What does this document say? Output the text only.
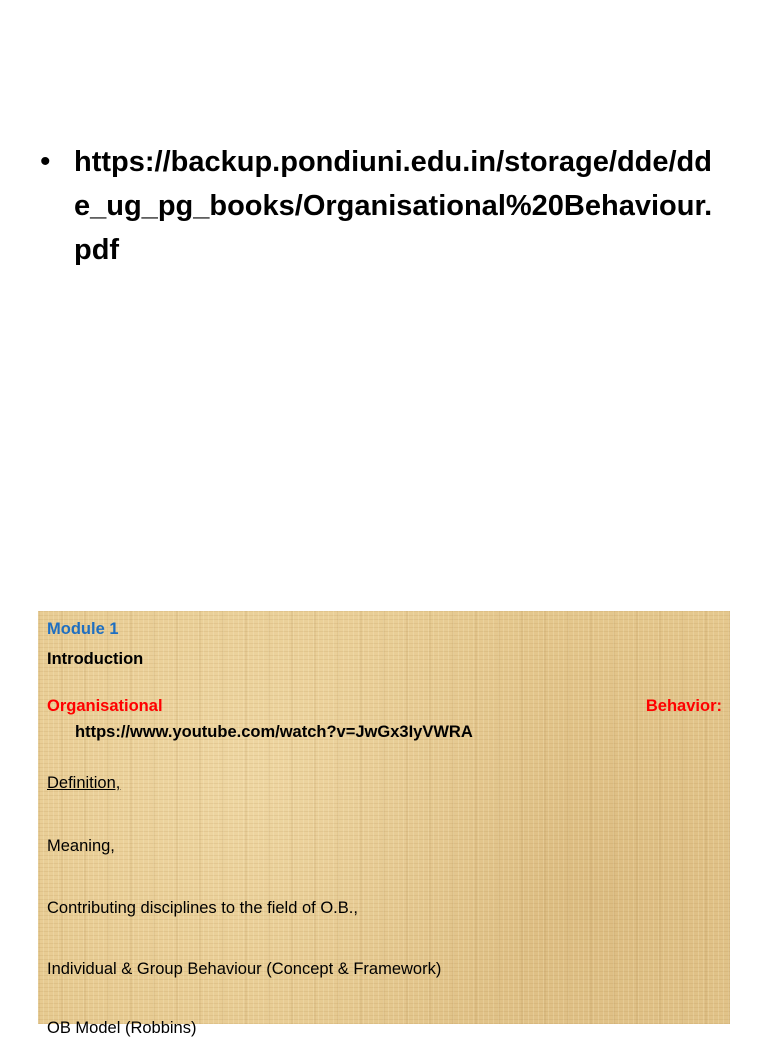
• https://backup.pondiuni.edu.in/storage/dde/dde_ug_pg_books/Organisational%20Behaviour.pdf
Module 1
Introduction
Organisational	Behavior:
https://www.youtube.com/watch?v=JwGx3IyVWRA
Definition,
Meaning,
Contributing disciplines to the field of O.B.,
Individual & Group Behaviour (Concept & Framework)
OB Model (Robbins)
